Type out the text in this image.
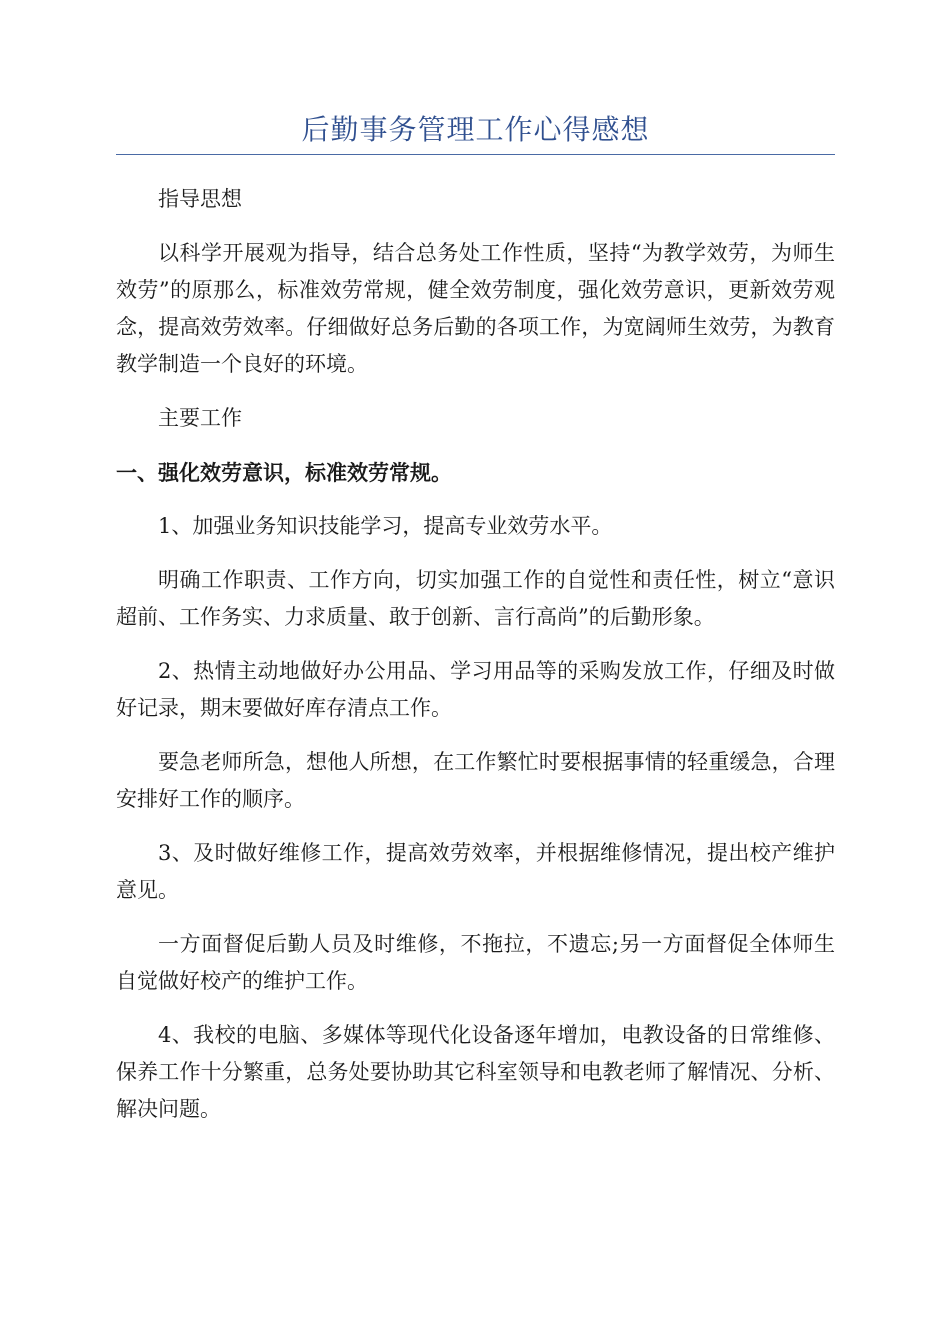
后勤事务管理工作心得感想

指导思想

以科学开展观为指导，结合总务处工作性质，坚持“为教学效劳，为师生效劳”的原那么，标准效劳常规，健全效劳制度，强化效劳意识，更新效劳观念，提高效劳效率。仔细做好总务后勤的各项工作，为宽阔师生效劳，为教育教学制造一个良好的环境。

主要工作

一、强化效劳意识，标准效劳常规。

1、加强业务知识技能学习，提高专业效劳水平。

明确工作职责、工作方向，切实加强工作的自觉性和责任性，树立“意识超前、工作务实、力求质量、敢于创新、言行高尚”的后勤形象。

2、热情主动地做好办公用品、学习用品等的采购发放工作，仔细及时做好记录，期末要做好库存清点工作。

要急老师所急，想他人所想，在工作繁忙时要根据事情的轻重缓急，合理安排好工作的顺序。

3、及时做好维修工作，提高效劳效率，并根据维修情况，提出校产维护意见。

一方面督促后勤人员及时维修，不拖拉，不遗忘;另一方面督促全体师生自觉做好校产的维护工作。

4、我校的电脑、多媒体等现代化设备逐年增加，电教设备的日常维修、保养工作十分繁重，总务处要协助其它科室领导和电教老师了解情况、分析、解决问题。
